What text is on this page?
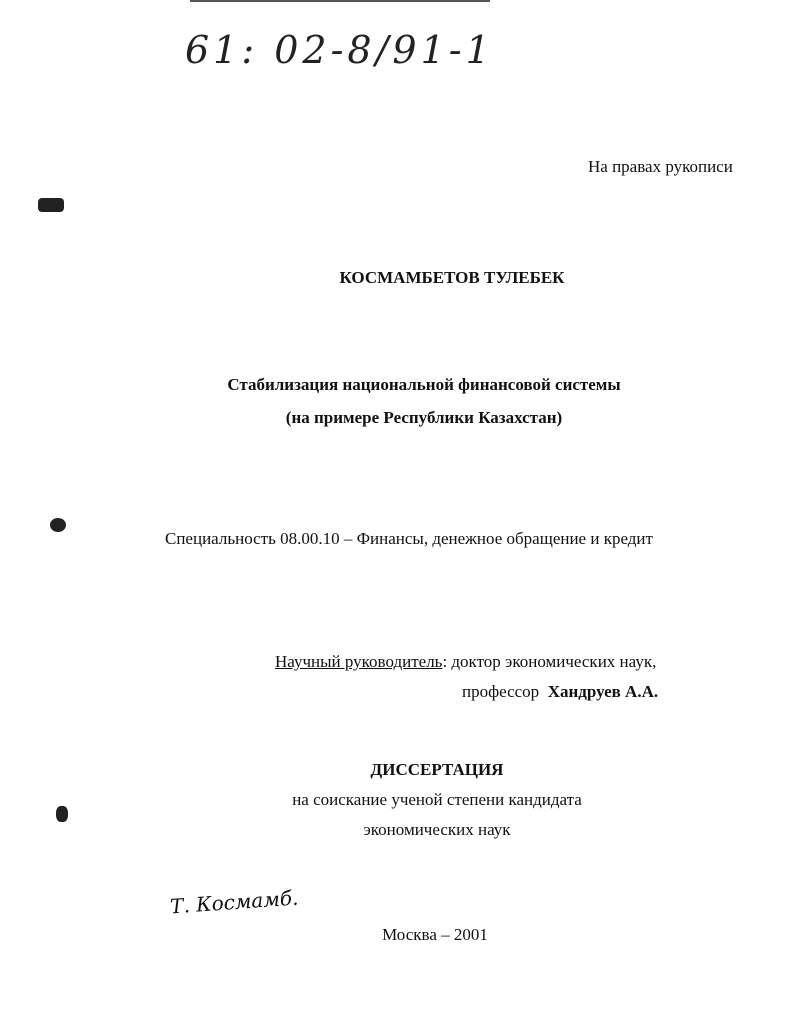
61: 02-8/91-1
На правах рукописи
КОСМАМБЕТОВ ТУЛЕБЕК
Стабилизация национальной финансовой системы
(на примере Республики Казахстан)
Специальность 08.00.10 – Финансы, денежное обращение и кредит
Научный руководитель: доктор экономических наук,
профессор Хандруев А.А.
ДИССЕРТАЦИЯ
на соискание ученой степени кандидата
экономических наук
Т. Космамб.
Москва – 2001
